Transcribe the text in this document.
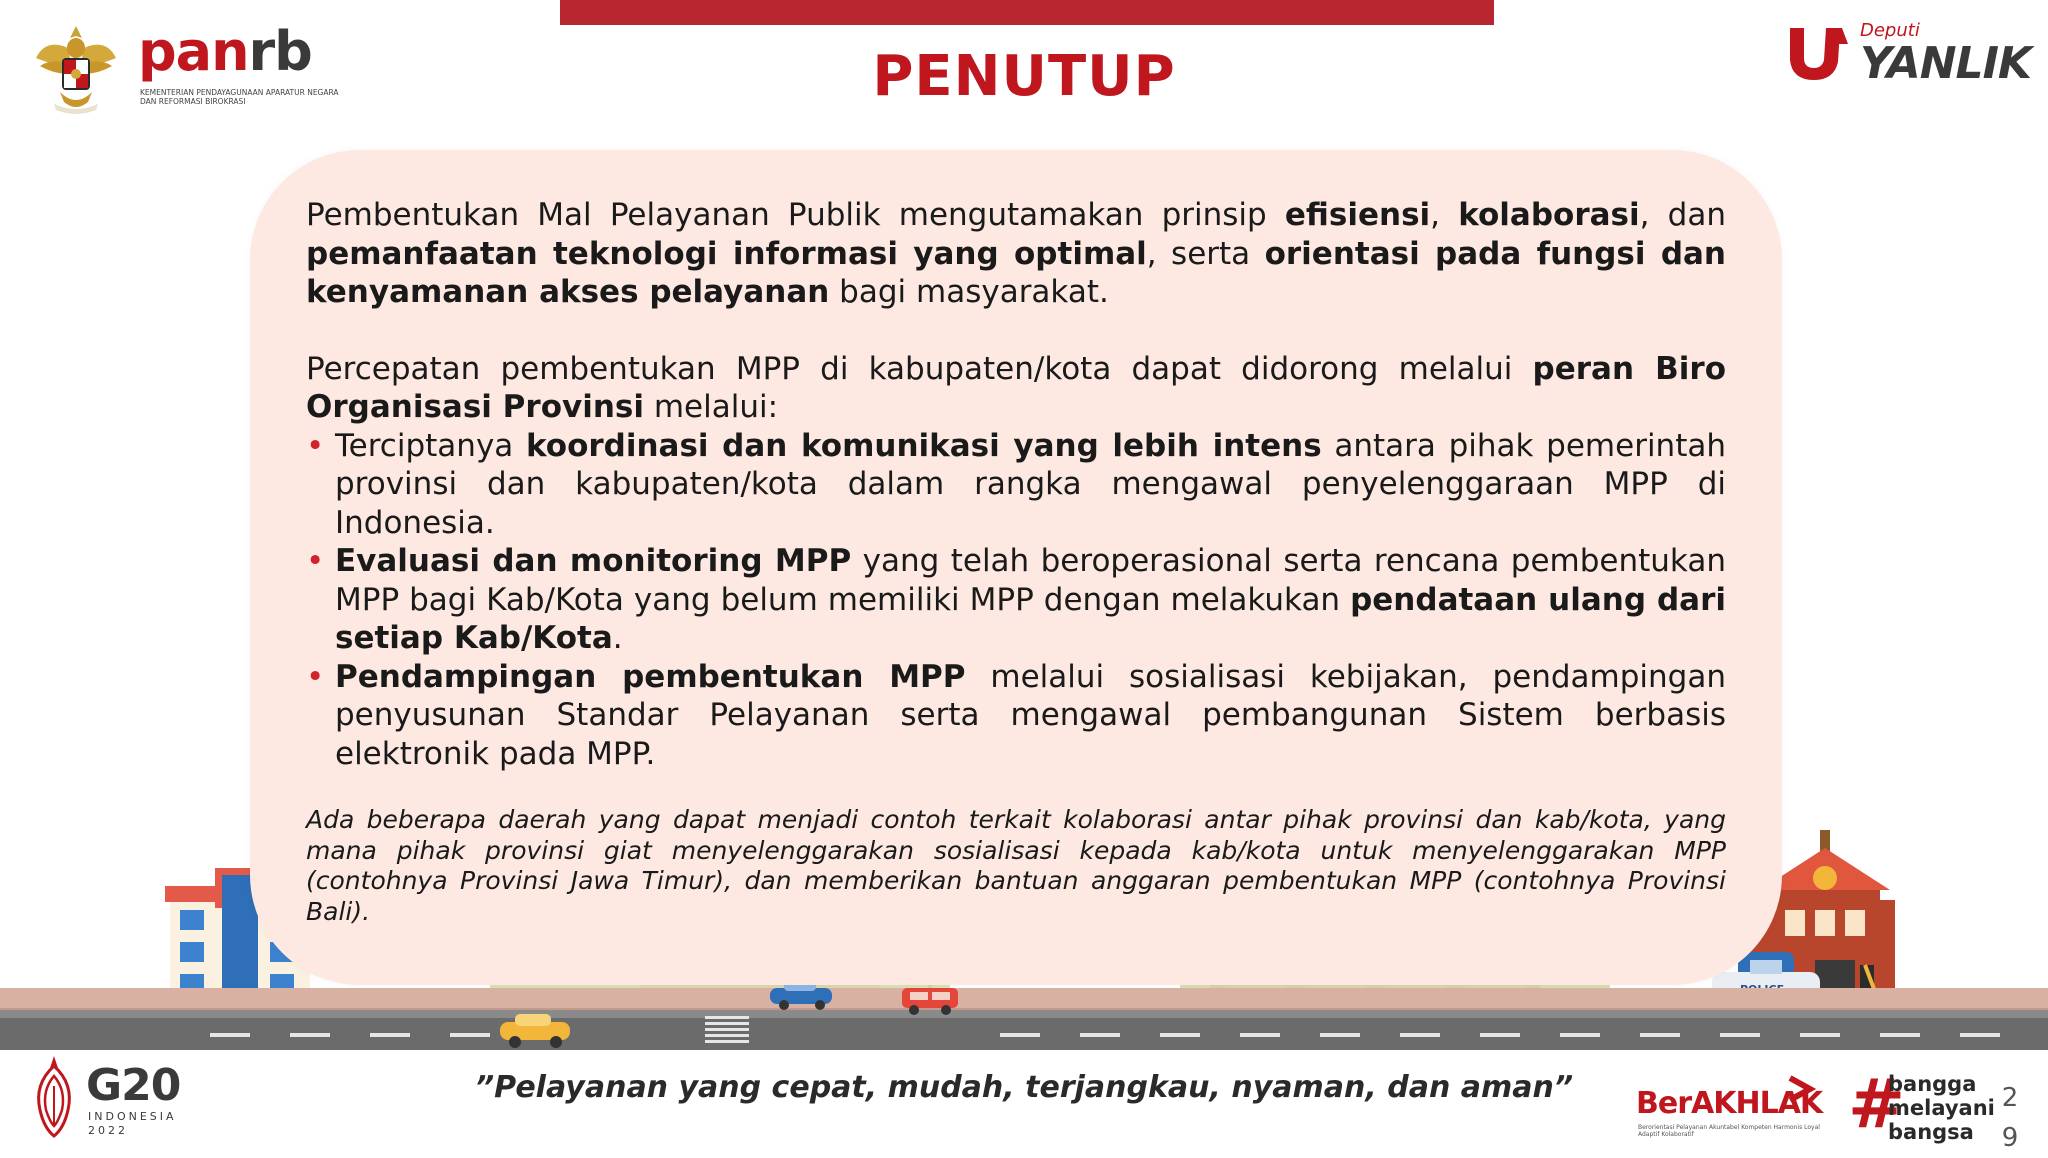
PENUTUP
panrb
KEMENTERIAN PENDAYAGUNAAN APARATUR NEGARA DAN REFORMASI BIROKRASI
Deputi
YANLIK

Pembentukan Mal Pelayanan Publik mengutamakan prinsip efisiensi, kolaborasi, dan pemanfaatan teknologi informasi yang optimal, serta orientasi pada fungsi dan kenyamanan akses pelayanan bagi masyarakat.

Percepatan pembentukan MPP di kabupaten/kota dapat didorong melalui peran Biro Organisasi Provinsi melalui:

• Terciptanya koordinasi dan komunikasi yang lebih intens antara pihak pemerintah provinsi dan kabupaten/kota dalam rangka mengawal penyelenggaraan MPP di Indonesia.
• Evaluasi dan monitoring MPP yang telah beroperasional serta rencana pembentukan MPP bagi Kab/Kota yang belum memiliki MPP dengan melakukan pendataan ulang dari setiap Kab/Kota.
• Pendampingan pembentukan MPP melalui sosialisasi kebijakan, pendampingan penyusunan Standar Pelayanan serta mengawal pembangunan Sistem berbasis elektronik pada MPP.
Ada beberapa daerah yang dapat menjadi contoh terkait kolaborasi antar pihak provinsi dan kab/kota, yang mana pihak provinsi giat menyelenggarakan sosialisasi kepada kab/kota untuk menyelenggarakan MPP (contohnya Provinsi Jawa Timur), dan memberikan bantuan anggaran pembentukan MPP (contohnya Provinsi Bali).
G20
INDONESIA
2022
”Pelayanan yang cepat, mudah, terjangkau, nyaman, dan aman”	BerAKHLAK
Berorientasi Pelayanan Akuntabel Kompeten Harmonis Loyal Adaptif Kolaboratif	#
bangga
melayani
bangsa
2
9
